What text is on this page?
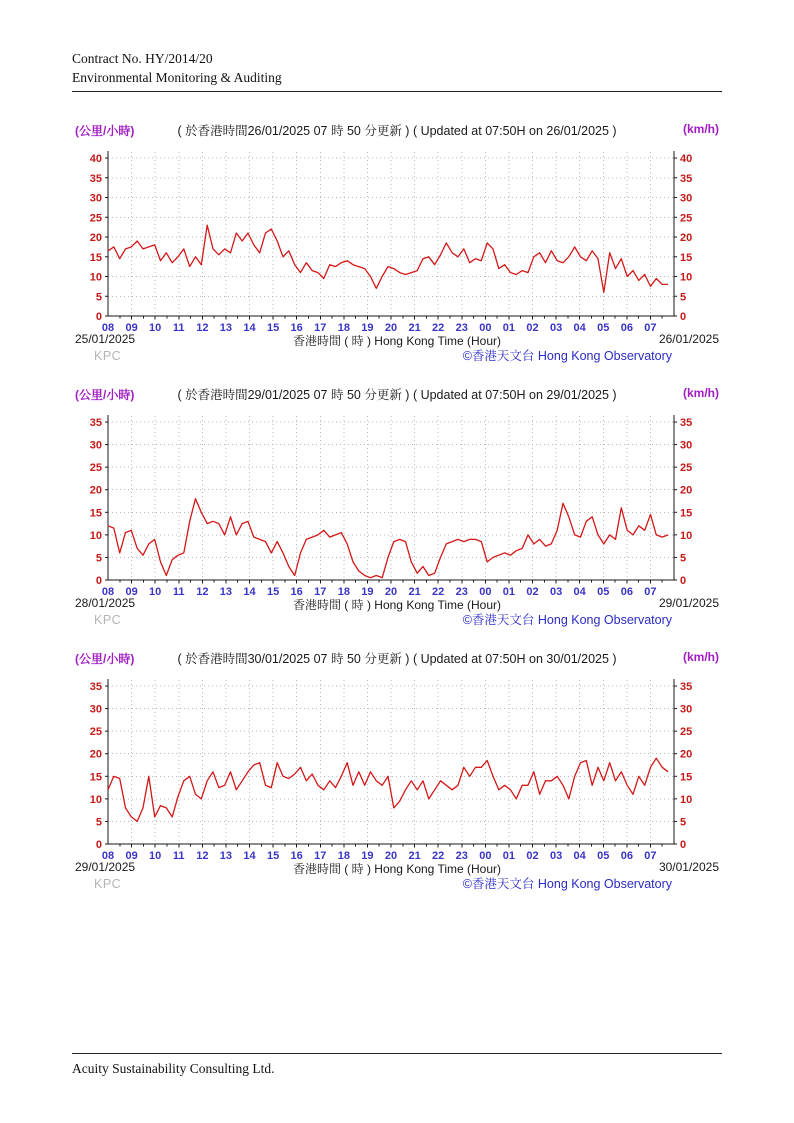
Contract No. HY/2014/20
Environmental Monitoring & Auditing
(公里/小時)	( 於香港時間26/01/2025 07 時 50 分更新 ) ( Updated at 07:50H on 26/01/2025 )	(km/h)
0	0
5	5
10	10
15	15
20	20
25	25
30	30
35	35
40	40
08 09 10 11 12 13 14 15 16 17 18 19 20 21 22 23 00 01 02 03 04 05 06 07
25/01/2025	香港時間 ( 時 ) Hong Kong Time (Hour)	26/01/2025
KPC	©香港天文台 Hong Kong Observatory
(公里/小時)	( 於香港時間29/01/2025 07 時 50 分更新 ) ( Updated at 07:50H on 29/01/2025 )	(km/h)
0	0
5	5
10	10
15	15
20	20
25	25
30	30
35	35
08 09 10 11 12 13 14 15 16 17 18 19 20 21 22 23 00 01 02 03 04 05 06 07
28/01/2025	香港時間 ( 時 ) Hong Kong Time (Hour)	29/01/2025
KPC	©香港天文台 Hong Kong Observatory
(公里/小時)	( 於香港時間30/01/2025 07 時 50 分更新 ) ( Updated at 07:50H on 30/01/2025 )	(km/h)
0	0
5	5
10	10
15	15
20	20
25	25
30	30
35	35
08 09 10 11 12 13 14 15 16 17 18 19 20 21 22 23 00 01 02 03 04 05 06 07
29/01/2025	香港時間 ( 時 ) Hong Kong Time (Hour)	30/01/2025
KPC	©香港天文台 Hong Kong Observatory
Acuity Sustainability Consulting Ltd.
